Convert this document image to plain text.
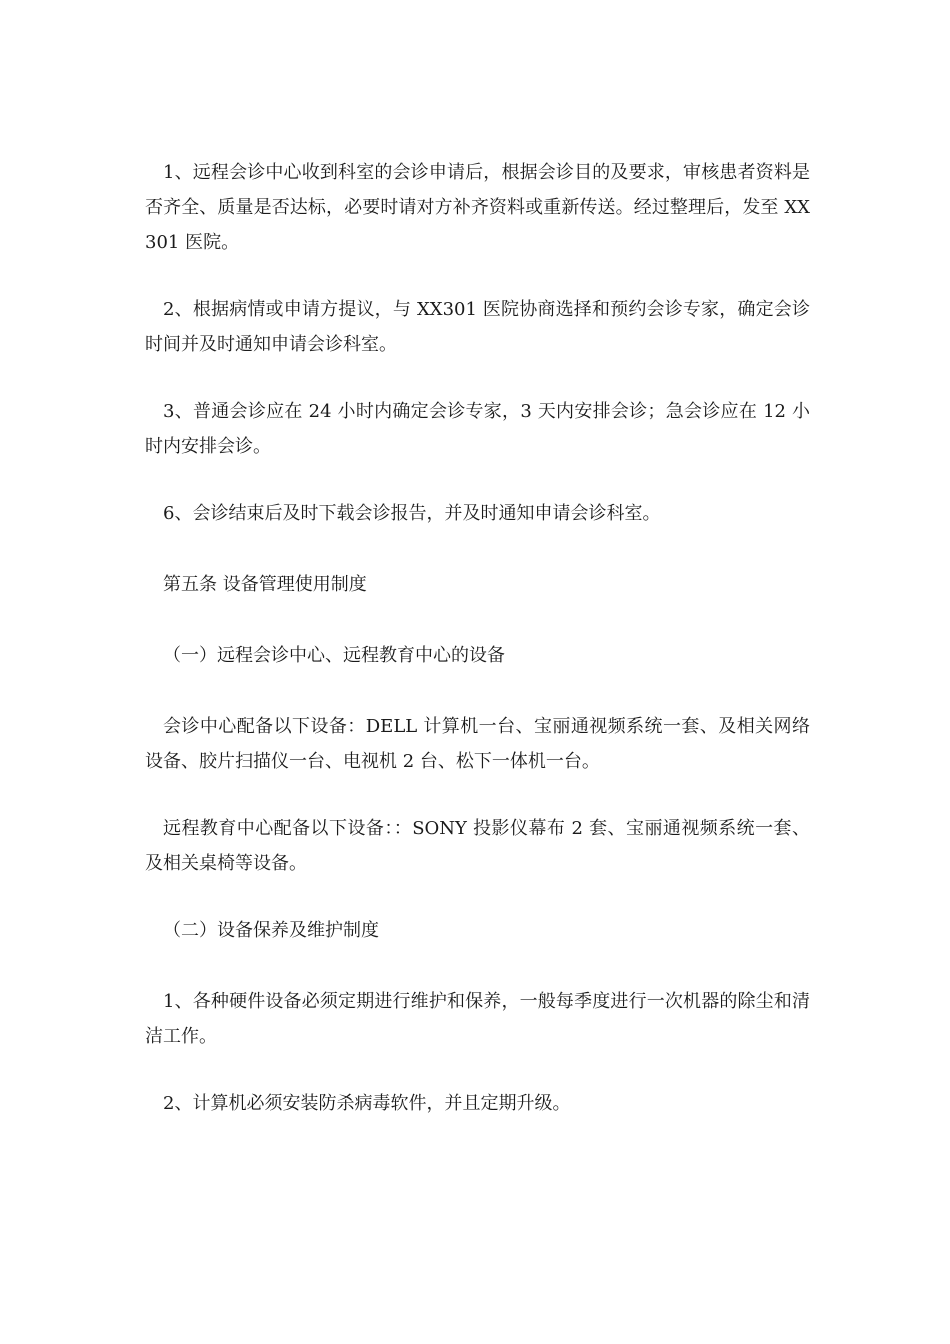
1、远程会诊中心收到科室的会诊申请后，根据会诊目的及要求，审核患者资料是否齐全、质量是否达标，必要时请对方补齐资料或重新传送。经过整理后，发至 XX301 医院。

2、根据病情或申请方提议，与 XX301 医院协商选择和预约会诊专家，确定会诊时间并及时通知申请会诊科室。

3、普通会诊应在 24 小时内确定会诊专家，3 天内安排会诊；急会诊应在 12 小时内安排会诊。

6、会诊结束后及时下载会诊报告，并及时通知申请会诊科室。

第五条 设备管理使用制度

（一）远程会诊中心、远程教育中心的设备

会诊中心配备以下设备：DELL 计算机一台、宝丽通视频系统一套、及相关网络设备、胶片扫描仪一台、电视机 2 台、松下一体机一台。

远程教育中心配备以下设备：：SONY 投影仪幕布 2 套、宝丽通视频系统一套、及相关桌椅等设备。

（二）设备保养及维护制度

1、各种硬件设备必须定期进行维护和保养，一般每季度进行一次机器的除尘和清洁工作。

2、计算机必须安装防杀病毒软件，并且定期升级。
